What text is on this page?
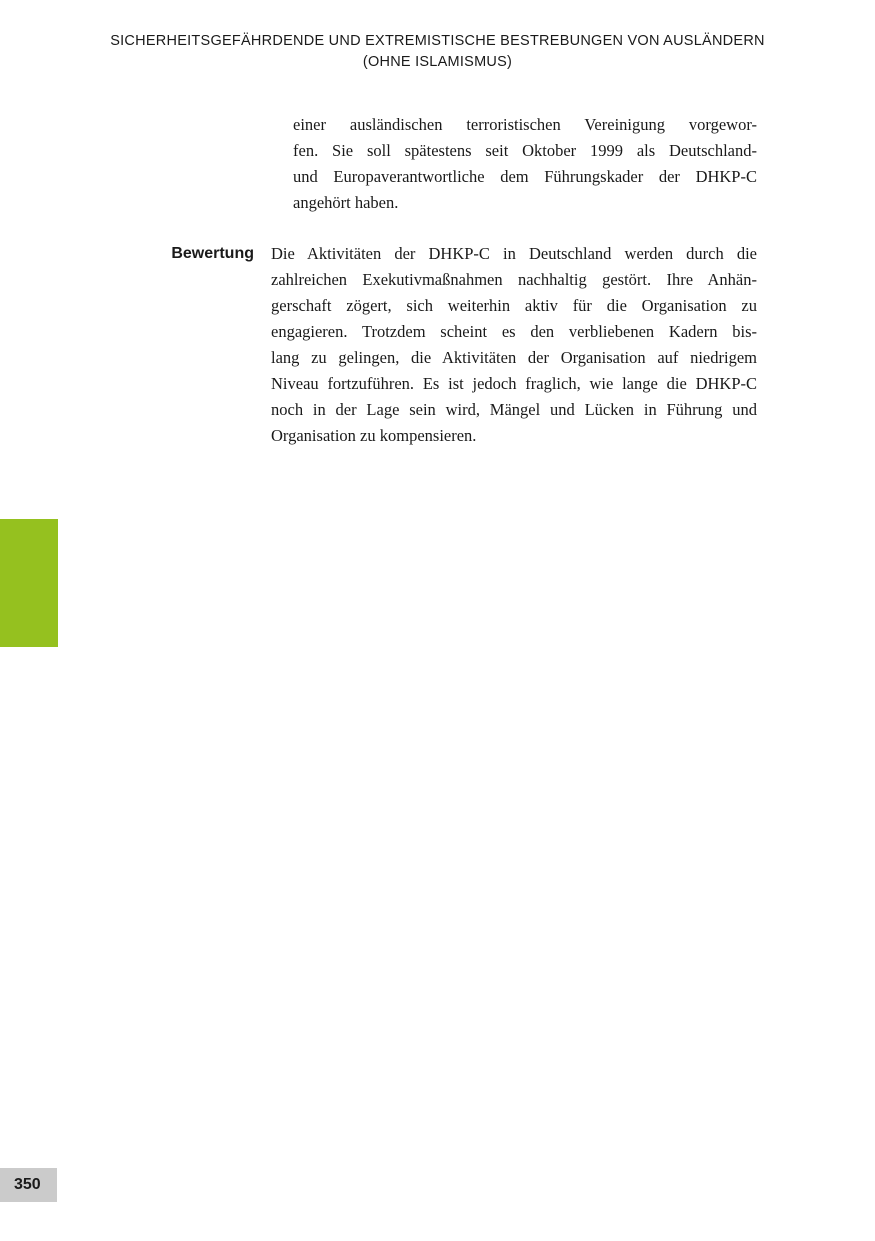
SICHERHEITSGEFÄHRDENDE UND EXTREMISTISCHE BESTREBUNGEN VON AUSLÄNDERN
(OHNE ISLAMISMUS)
einer ausländischen terroristischen Vereinigung vorgewor-
fen. Sie soll spätestens seit Oktober 1999 als Deutschland-
und Europaverantwortliche dem Führungskader der DHKP-C
angehört haben.
Bewertung Die Aktivitäten der DHKP-C in Deutschland werden durch die
zahlreichen Exekutivmaßnahmen nachhaltig gestört. Ihre Anhän-
gerschaft zögert, sich weiterhin aktiv für die Organisation zu
engagieren. Trotzdem scheint es den verbliebenen Kadern bis-
lang zu gelingen, die Aktivitäten der Organisation auf niedrigem
Niveau fortzuführen. Es ist jedoch fraglich, wie lange die DHKP-C
noch in der Lage sein wird, Mängel und Lücken in Führung und
Organisation zu kompensieren.
350
